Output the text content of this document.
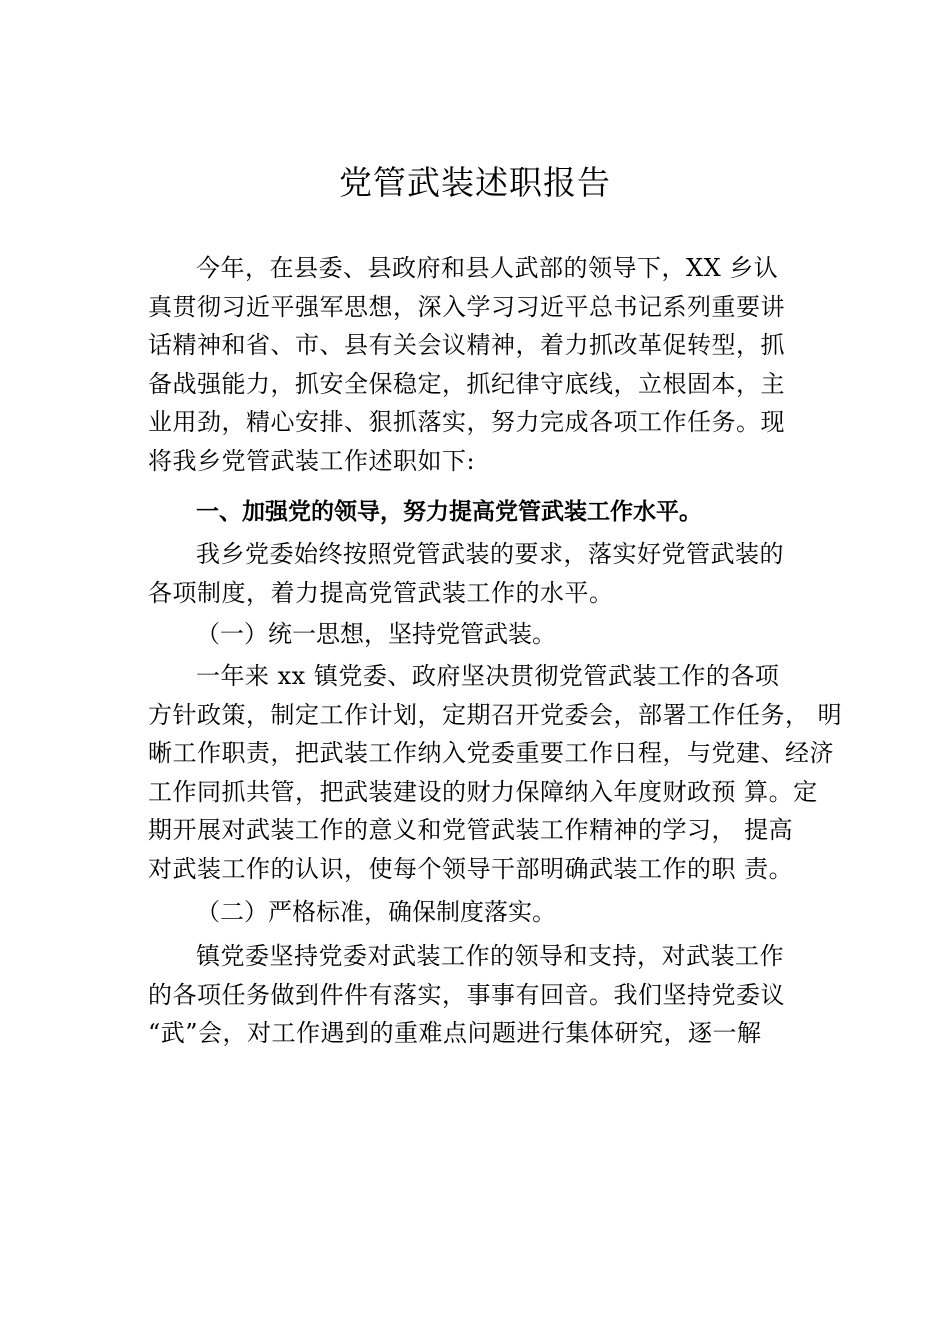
党管武装述职报告
今年，在县委、县政府和县人武部的领导下，XX 乡认
真贯彻习近平强军思想，深入学习习近平总书记系列重要讲
话精神和省、市、县有关会议精神，着力抓改革促转型，抓
备战强能力，抓安全保稳定，抓纪律守底线，立根固本，主
业用劲，精心安排、狠抓落实，努力完成各项工作任务。现
将我乡党管武装工作述职如下:
一、加强党的领导，努力提高党管武装工作水平。
我乡党委始终按照党管武装的要求，落实好党管武装的
各项制度，着力提高党管武装工作的水平。
（一）统一思想，坚持党管武装。
一年来 xx 镇党委、政府坚决贯彻党管武装工作的各项
方针政策，制定工作计划，定期召开党委会，部署工作任务， 明
晰工作职责，把武装工作纳入党委重要工作日程，与党建、经济
工作同抓共管，把武装建设的财力保障纳入年度财政预 算。定
期开展对武装工作的意义和党管武装工作精神的学习， 提高
对武装工作的认识，使每个领导干部明确武装工作的职 责。
（二）严格标准，确保制度落实。
镇党委坚持党委对武装工作的领导和支持，对武装工作
的各项任务做到件件有落实，事事有回音。我们坚持党委议
“武”会，对工作遇到的重难点问题进行集体研究，逐一解
